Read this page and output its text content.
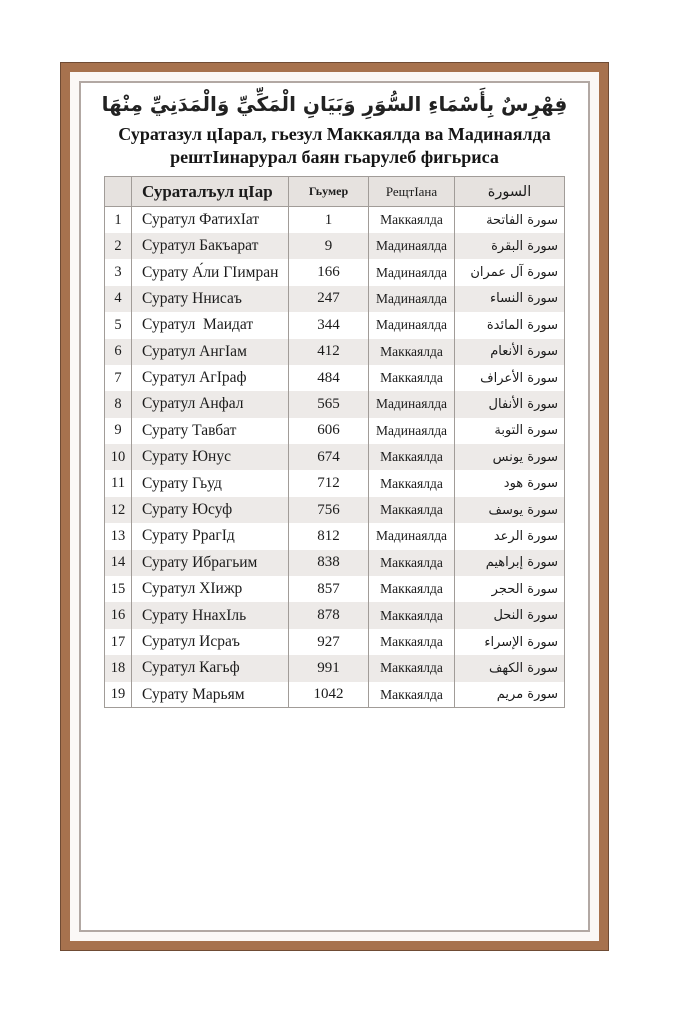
فِهْرِسٌ بِأَسْمَاءِ السُّوَرِ وَبَيَانِ الْمَكِّيِّ وَالْمَدَنِيِّ مِنْهَا
Суратазул цIарал, гьезул Маккаялда ва Мадинаялда
рештIинарурал баян гьарулеб фигьриса
	Сураталъул цIар	Гьумер	РещтIана	السورة
1	Суратул ФатихIат	1	Маккаялда	سورة الفاتحة
2	Суратул Бакъарат	9	Мадинаялда	سورة البقرة
3	Сурату А́ли ГIимран	166	Мадинаялда	سورة آل عمران
4	Сурату Ннисаъ	247	Мадинаялда	سورة النساء
5	Суратул  Маидат	344	Мадинаялда	سورة المائدة
6	Суратул АнгIам	412	Маккаялда	سورة الأنعام
7	Суратул АгIраф	484	Маккаялда	سورة الأعراف
8	Суратул Анфал	565	Мадинаялда	سورة الأنفال
9	Сурату Тавбат	606	Мадинаялда	سورة التوبة
10	Сурату Юнус	674	Маккаялда	سورة يونس
11	Сурату Гьуд	712	Маккаялда	سورة هود
12	Сурату Юсуф	756	Маккаялда	سورة يوسف
13	Сурату РрагIд	812	Мадинаялда	سورة الرعد
14	Сурату Ибрагьим	838	Маккаялда	سورة إبراهيم
15	Суратул ХIижр	857	Маккаялда	سورة الحجر
16	Сурату НнахIль	878	Маккаялда	سورة النحل
17	Суратул Исраъ	927	Маккаялда	سورة الإسراء
18	Суратул Кагьф	991	Маккаялда	سورة الكهف
19	Сурату Марьям	1042	Маккаялда	سورة مريم
